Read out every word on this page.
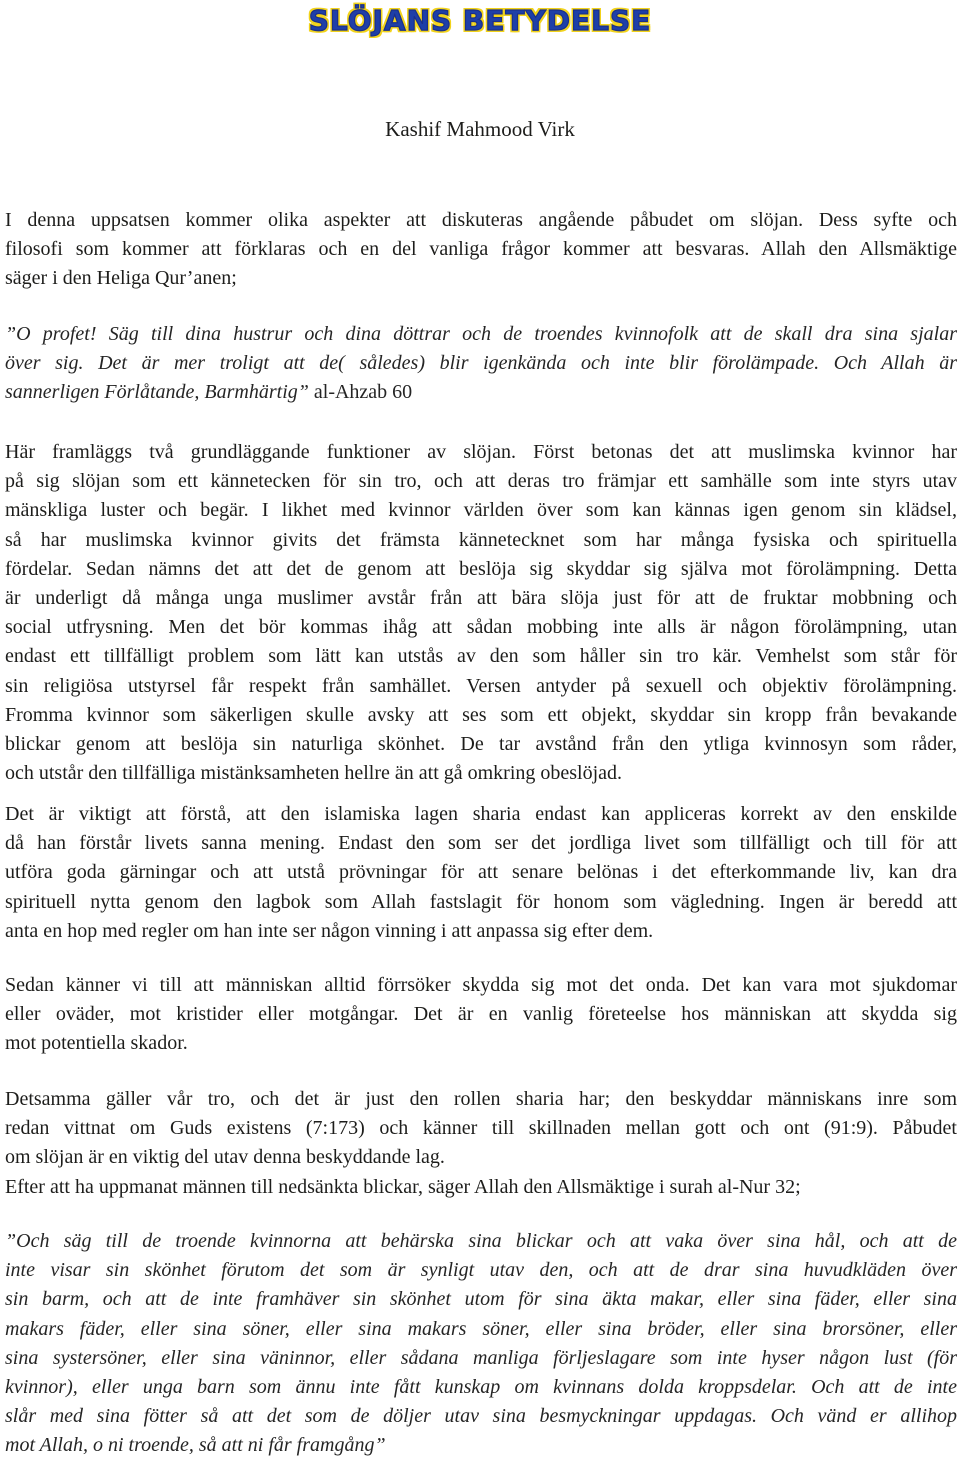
SLÖJANS BETYDELSE
Kashif Mahmood Virk
I denna uppsatsen kommer olika aspekter att diskuteras angående påbudet om slöjan. Dess syfte och
filosofi som kommer att förklaras och en del vanliga frågor kommer att besvaras. Allah den Allsmäktige
säger i den Heliga Qur’anen;
”O profet! Säg till dina hustrur och dina döttrar och de troendes kvinnofolk att de skall dra sina sjalar
över sig. Det är mer troligt att de( således) blir igenkända och inte blir förolämpade. Och Allah är
sannerligen Förlåtande, Barmhärtig” al-Ahzab 60
Här framläggs två grundläggande funktioner av slöjan. Först betonas det att muslimska kvinnor har
på sig slöjan som ett kännetecken för sin tro, och att deras tro främjar ett samhälle som inte styrs utav
mänskliga luster och begär. I likhet med kvinnor världen över som kan kännas igen genom sin klädsel,
så har muslimska kvinnor givits det främsta kännetecknet som har många fysiska och spirituella
fördelar. Sedan nämns det att det de genom att beslöja sig skyddar sig själva mot förolämpning. Detta
är underligt då många unga muslimer avstår från att bära slöja just för att de fruktar mobbning och
social utfrysning. Men det bör kommas ihåg att sådan mobbing inte alls är någon förolämpning, utan
endast ett tillfälligt problem som lätt kan utstås av den som håller sin tro kär. Vemhelst som står för
sin religiösa utstyrsel får respekt från samhället. Versen antyder på sexuell och objektiv förolämpning.
Fromma kvinnor som säkerligen skulle avsky att ses som ett objekt, skyddar sin kropp från bevakande
blickar genom att beslöja sin naturliga skönhet. De tar avstånd från den ytliga kvinnosyn som råder,
och utstår den tillfälliga mistänksamheten hellre än att gå omkring obeslöjad.
Det är viktigt att förstå, att den islamiska lagen sharia endast kan appliceras korrekt av den enskilde
då han förstår livets sanna mening. Endast den som ser det jordliga livet som tillfälligt och till för att
utföra goda gärningar och att utstå prövningar för att senare belönas i det efterkommande liv, kan dra
spirituell nytta genom den lagbok som Allah fastslagit för honom som vägledning. Ingen är beredd att
anta en hop med regler om han inte ser någon vinning i att anpassa sig efter dem.
Sedan känner vi till att människan alltid förrsöker skydda sig mot det onda. Det kan vara mot sjukdomar
eller oväder, mot kristider eller motgångar. Det är en vanlig företeelse hos människan att skydda sig
mot potentiella skador.
Detsamma gäller vår tro, och det är just den rollen sharia har; den beskyddar människans inre som
redan vittnat om Guds existens (7:173) och känner till skillnaden mellan gott och ont (91:9). Påbudet
om slöjan är en viktig del utav denna beskyddande lag.
Efter att ha uppmanat männen till nedsänkta blickar, säger Allah den Allsmäktige i surah al-Nur 32;
”Och säg till de troende kvinnorna att behärska sina blickar och att vaka över sina hål, och att de
inte visar sin skönhet förutom det som är synligt utav den, och att de drar sina huvudkläden över
sin barm, och att de inte framhäver sin skönhet utom för sina äkta makar, eller sina fäder, eller sina
makars fäder, eller sina söner, eller sina makars söner, eller sina bröder, eller sina brorsöner, eller
sina systersöner, eller sina väninnor, eller sådana manliga förljeslagare som inte hyser någon lust (för
kvinnor), eller unga barn som ännu inte fått kunskap om kvinnans dolda kroppsdelar. Och att de inte
slår med sina fötter så att det som de döljer utav sina besmyckningar uppdagas. Och vänd er allihop
mot Allah, o ni troende, så att ni får framgång”
